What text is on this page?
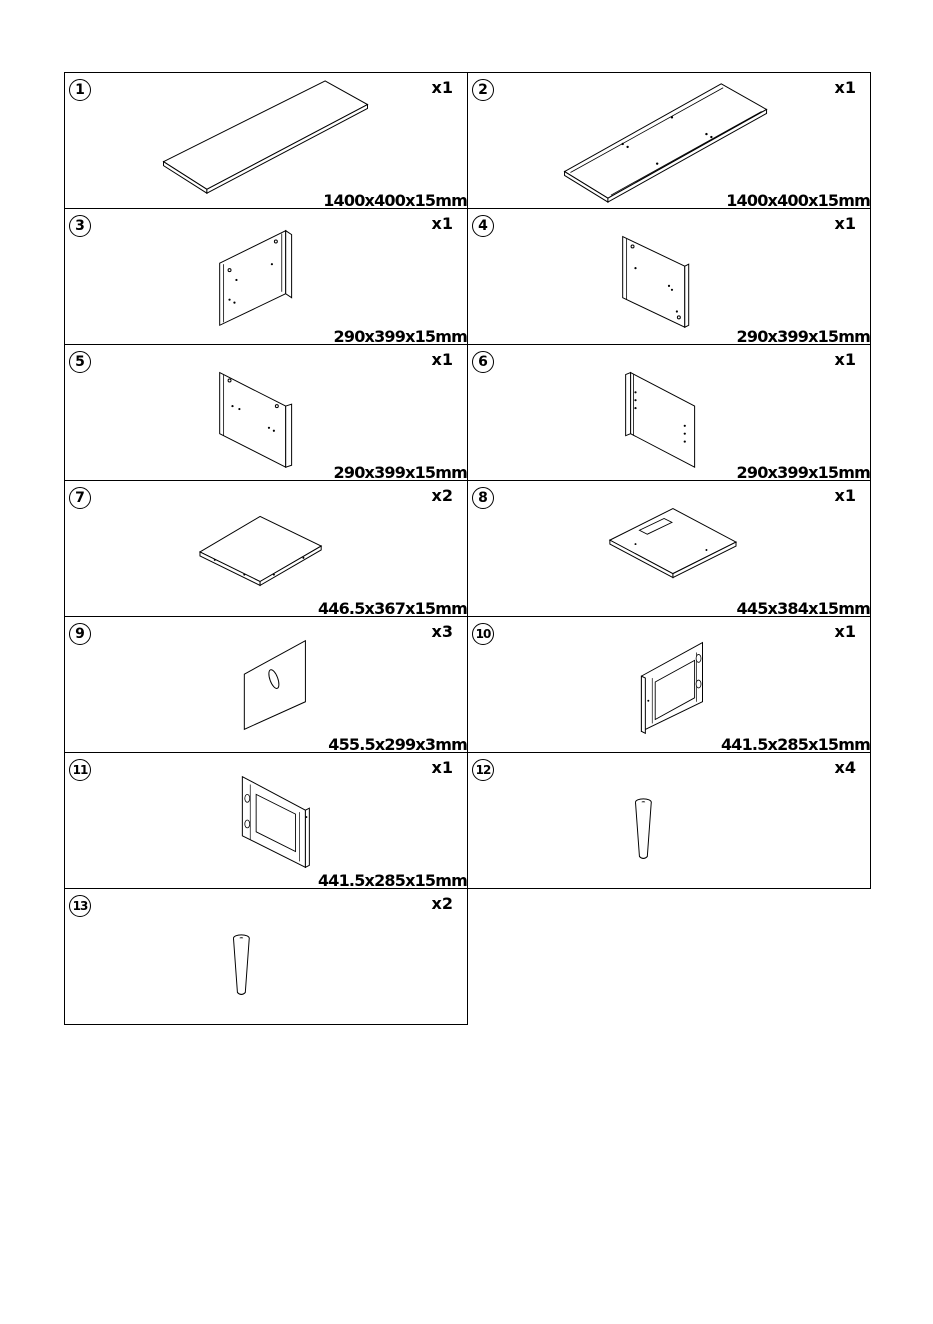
1	x1
1400x400x15mm
2	x1
1400x400x15mm
3	x1
290x399x15mm
4	x1
290x399x15mm
5	x1
290x399x15mm
6	x1
290x399x15mm
7	x2
446.5x367x15mm
8	x1
445x384x15mm
9	x3
455.5x299x3mm
10	x1
441.5x285x15mm
11	x1
441.5x285x15mm
12	x4
13	x2
